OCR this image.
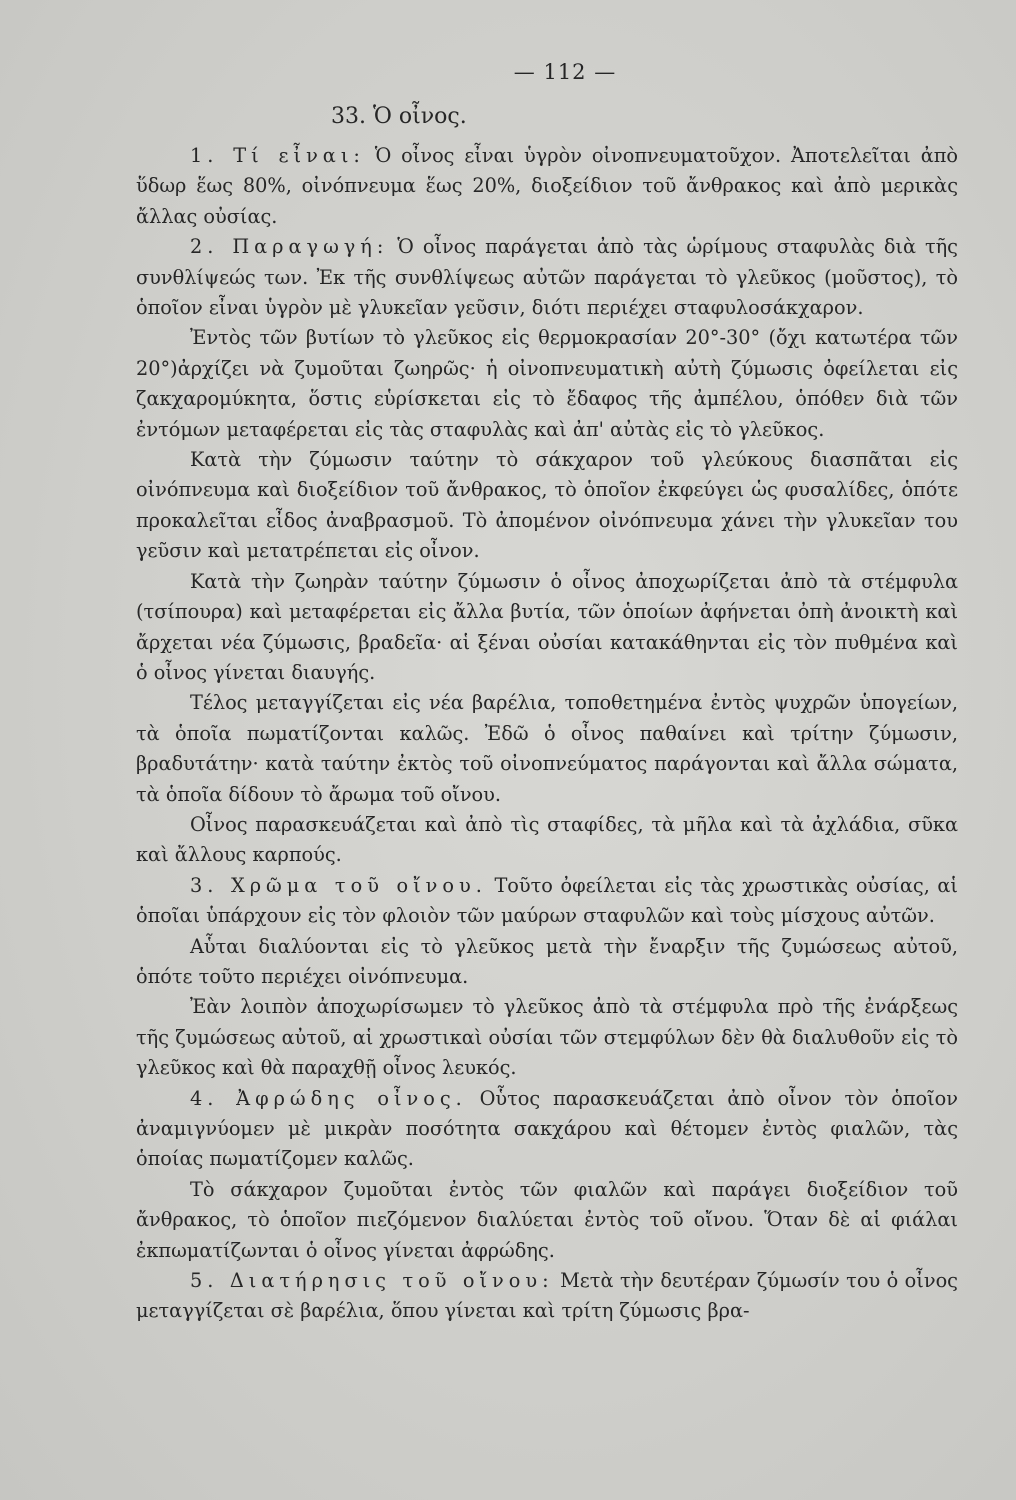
— 112 —
33. Ὁ οἶνος.

1. Τί εἶναι: Ὁ οἶνος εἶναι ὑγρὸν οἰνοπνευματοῦχον. Ἀποτελεῖται ἀπὸ ὕδωρ ἕως 80%, οἰνόπνευμα ἕως 20%, διοξείδιον τοῦ ἄνθρακος καὶ ἀπὸ μερικὰς ἄλλας οὐσίας.

2. Παραγωγή: Ὁ οἶνος παράγεται ἀπὸ τὰς ὡρίμους σταφυλὰς διὰ τῆς συνθλίψεώς των. Ἐκ τῆς συνθλίψεως αὐτῶν παράγεται τὸ γλεῦκος (μοῦστος), τὸ ὁποῖον εἶναι ὑγρὸν μὲ γλυκεῖαν γεῦσιν, διότι περιέχει σταφυλοσάκχαρον.

Ἐντὸς τῶν βυτίων τὸ γλεῦκος εἰς θερμοκρασίαν 20°-30° (ὄχι κατωτέρα τῶν 20°)ἀρχίζει νὰ ζυμοῦται ζωηρῶς· ἡ οἰνοπνευματικὴ αὐτὴ ζύμωσις ὀφείλεται εἰς ζακχαρομύκητα, ὅστις εὑρίσκεται εἰς τὸ ἔδαφος τῆς ἀμπέλου, ὁπόθεν διὰ τῶν ἐντόμων μεταφέρεται εἰς τὰς σταφυλὰς καὶ ἀπ' αὐτὰς εἰς τὸ γλεῦκος.

Κατὰ τὴν ζύμωσιν ταύτην τὸ σάκχαρον τοῦ γλεύκους διασπᾶται εἰς οἰνόπνευμα καὶ διοξείδιον τοῦ ἄνθρακος, τὸ ὁποῖον ἐκφεύγει ὡς φυσαλίδες, ὁπότε προκαλεῖται εἶδος ἀναβρασμοῦ. Τὸ ἀπομένον οἰνόπνευμα χάνει τὴν γλυκεῖαν του γεῦσιν καὶ μετατρέπεται εἰς οἶνον.

Κατὰ τὴν ζωηρὰν ταύτην ζύμωσιν ὁ οἶνος ἀποχωρίζεται ἀπὸ τὰ στέμφυλα (τσίπουρα) καὶ μεταφέρεται εἰς ἄλλα βυτία, τῶν ὁποίων ἀφήνεται ὀπὴ ἀνοικτὴ καὶ ἄρχεται νέα ζύμωσις, βραδεῖα· αἱ ξέναι οὐσίαι κατακάθηνται εἰς τὸν πυθμένα καὶ ὁ οἶνος γίνεται διαυγής.

Τέλος μεταγγίζεται εἰς νέα βαρέλια, τοποθετημένα ἐντὸς ψυχρῶν ὑπογείων, τὰ ὁποῖα πωματίζονται καλῶς. Ἐδῶ ὁ οἶνος παθαίνει καὶ τρίτην ζύμωσιν, βραδυτάτην· κατὰ ταύτην ἐκτὸς τοῦ οἰνοπνεύματος παράγονται καὶ ἄλλα σώματα, τὰ ὁποῖα δίδουν τὸ ἄρωμα τοῦ οἴνου.

Οἶνος παρασκευάζεται καὶ ἀπὸ τὶς σταφίδες, τὰ μῆλα καὶ τὰ ἀχλάδια, σῦκα καὶ ἄλλους καρπούς.

3. Χρῶμα τοῦ οἴνου. Τοῦτο ὀφείλεται εἰς τὰς χρωστικὰς οὐσίας, αἱ ὁποῖαι ὑπάρχουν εἰς τὸν φλοιὸν τῶν μαύρων σταφυλῶν καὶ τοὺς μίσχους αὐτῶν.

Αὗται διαλύονται εἰς τὸ γλεῦκος μετὰ τὴν ἔναρξιν τῆς ζυμώσεως αὐτοῦ, ὁπότε τοῦτο περιέχει οἰνόπνευμα.

Ἐὰν λοιπὸν ἀποχωρίσωμεν τὸ γλεῦκος ἀπὸ τὰ στέμφυλα πρὸ τῆς ἐνάρξεως τῆς ζυμώσεως αὐτοῦ, αἱ χρωστικαὶ οὐσίαι τῶν στεμφύλων δὲν θὰ διαλυθοῦν εἰς τὸ γλεῦκος καὶ θὰ παραχθῇ οἶνος λευκός.

4. Ἀφρώδης οἶνος. Οὗτος παρασκευάζεται ἀπὸ οἶνον τὸν ὁποῖον ἀναμιγνύομεν μὲ μικρὰν ποσότητα σακχάρου καὶ θέτομεν ἐντὸς φιαλῶν, τὰς ὁποίας πωματίζομεν καλῶς.

Τὸ σάκχαρον ζυμοῦται ἐντὸς τῶν φιαλῶν καὶ παράγει διοξείδιον τοῦ ἄνθρακος, τὸ ὁποῖον πιεζόμενον διαλύεται ἐντὸς τοῦ οἴνου. Ὅταν δὲ αἱ φιάλαι ἐκπωματίζωνται ὁ οἶνος γίνεται ἀφρώδης.

5. Διατήρησις τοῦ οἴνου: Μετὰ τὴν δευτέραν ζύμωσίν του ὁ οἶνος μεταγγίζεται σὲ βαρέλια, ὅπου γίνεται καὶ τρίτη ζύμωσις βρα-
